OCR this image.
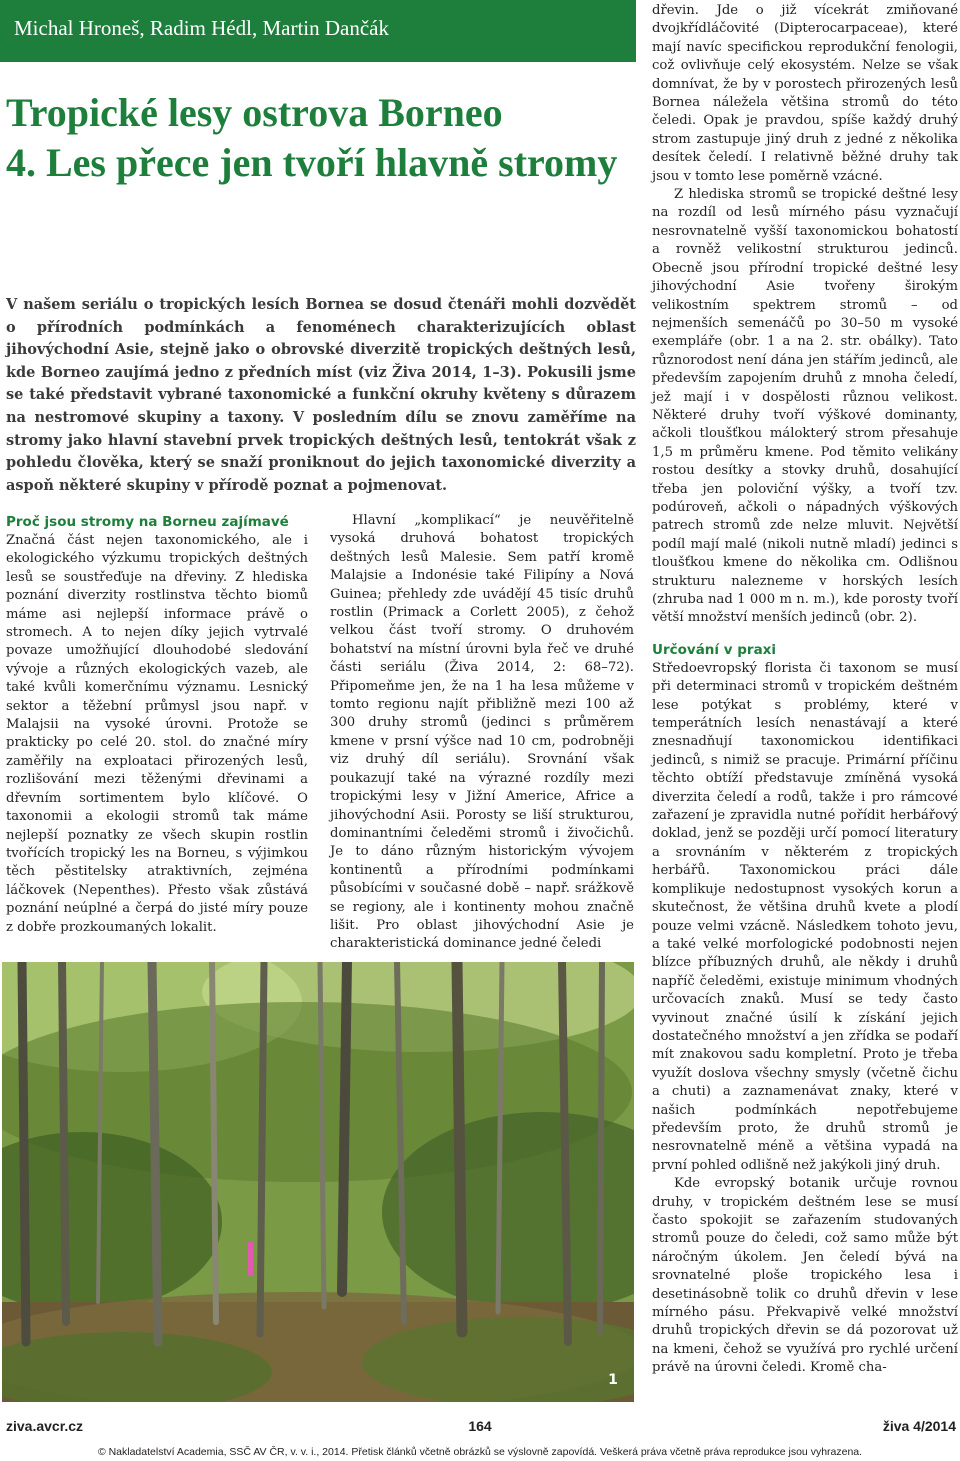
Michal Hroneš, Radim Hédl, Martin Dančák
Tropické lesy ostrova Borneo
4. Les přece jen tvoří hlavně stromy

V našem seriálu o tropických lesích Bornea se dosud čtenáři mohli dozvědět o přírodních podmínkách a fenoménech charakterizujících oblast jihovýchodní Asie, stejně jako o obrovské diverzitě tropických deštných lesů, kde Borneo zaujímá jedno z předních míst (viz Živa 2014, 1–3). Pokusili jsme se také představit vybrané taxonomické a funkční okruhy květeny s důrazem na nestromové skupiny a taxony. V posledním dílu se znovu zaměříme na stromy jako hlavní stavební prvek tropických deštných lesů, tentokrát však z pohledu člověka, který se snaží proniknout do jejich taxonomické diverzity a aspoň některé skupiny v přírodě poznat a pojmenovat.

Proč jsou stromy na Borneu zajímavé

Značná část nejen taxonomického, ale i ekologického výzkumu tropických deštných lesů se soustřeďuje na dřeviny. Z hlediska poznání diverzity rostlinstva těchto biomů máme asi nejlepší informace právě o stromech. A to nejen díky jejich vytrvalé povaze umožňující dlouhodobé sledování vývoje a různých ekologických vazeb, ale také kvůli komerčnímu významu. Lesnický sektor a těžební průmysl jsou např. v Malajsii na vysoké úrovni. Protože se prakticky po celé 20. stol. do značné míry zaměřily na exploataci přirozených lesů, rozlišování mezi těženými dřevinami a dřevním sortimentem bylo klíčové. O taxonomii a ekologii stromů tak máme nejlepší poznatky ze všech skupin rostlin tvořících tropický les na Borneu, s výjimkou těch pěstitelsky atraktivních, zejména láčkovek (Nepenthes). Přesto však zůstává poznání neúplné a čerpá do jisté míry pouze z dobře prozkoumaných lokalit.

Hlavní „komplikací“ je neuvěřitelně vysoká druhová bohatost tropických deštných lesů Malesie. Sem patří kromě Malajsie a Indonésie také Filipíny a Nová Guinea; přehledy zde uvádějí 45 tisíc druhů rostlin (Primack a Corlett 2005), z čehož velkou část tvoří stromy. O druhovém bohatství na místní úrovni byla řeč ve druhé části seriálu (Živa 2014, 2: 68–72). Připomeňme jen, že na 1 ha lesa můžeme v tomto regionu najít přibližně mezi 100 až 300 druhy stromů (jedinci s průměrem kmene v prsní výšce nad 10 cm, podrobněji viz druhý díl seriálu). Srovnání však poukazují také na výrazné rozdíly mezi tropickými lesy v Jižní Americe, Africe a jihovýchodní Asii. Porosty se liší strukturou, dominantními čeleděmi stromů i živočichů. Je to dáno různým historickým vývojem kontinentů a přírodními podmínkami působícími v současné době – např. srážkově se regiony, ale i kontinenty mohou značně lišit. Pro oblast jihovýchodní Asie je charakteristická dominance jedné čeledi

dřevin. Jde o již vícekrát zmiňované dvojkřídláčovité (Dipterocarpaceae), které mají navíc specifickou reprodukční fenologii, což ovlivňuje celý ekosystém. Nelze se však domnívat, že by v porostech přirozených lesů Bornea náležela většina stromů do této čeledi. Opak je pravdou, spíše každý druhý strom zastupuje jiný druh z jedné z několika desítek čeledí. I relativně běžné druhy tak jsou v tomto lese poměrně vzácné.

Z hlediska stromů se tropické deštné lesy na rozdíl od lesů mírného pásu vyznačují nesrovnatelně vyšší taxonomickou bohatostí a rovněž velikostní strukturou jedinců. Obecně jsou přírodní tropické deštné lesy jihovýchodní Asie tvořeny širokým velikostním spektrem stromů – od nejmenších semenáčů po 30–50 m vysoké exempláře (obr. 1 a na 2. str. obálky). Tato různorodost není dána jen stářím jedinců, ale především zapojením druhů z mnoha čeledí, jež mají i v dospělosti různou velikost. Některé druhy tvoří výškové dominanty, ačkoli tloušťkou málokterý strom přesahuje 1,5 m průměru kmene. Pod těmito velikány rostou desítky a stovky druhů, dosahující třeba jen poloviční výšky, a tvoří tzv. podúroveň, ačkoli o nápadných výškových patrech stromů zde nelze mluvit. Největší podíl mají malé (nikoli nutně mladí) jedinci s tloušťkou kmene do několika cm. Odlišnou strukturu nalezneme v horských lesích (zhruba nad 1 000 m n. m.), kde porosty tvoří větší množství menších jedinců (obr. 2).

Určování v praxi

Středoevropský florista či taxonom se musí při determinaci stromů v tropickém deštném lese potýkat s problémy, které v temperátních lesích nenastávají a které znesnadňují taxonomickou identifikaci jedinců, s nimiž se pracuje. Primární příčinu těchto obtíží představuje zmíněná vysoká diverzita čeledí a rodů, takže i pro rámcové zařazení je zpravidla nutné pořídit herbářový doklad, jenž se později určí pomocí literatury a srovnáním v některém z tropických herbářů. Taxonomickou práci dále komplikuje nedostupnost vysokých korun a skutečnost, že většina druhů kvete a plodí pouze velmi vzácně. Následkem tohoto jevu, a také velké morfologické podobnosti nejen blízce příbuzných druhů, ale někdy i druhů napříč čeleděmi, existuje minimum vhodných určovacích znaků. Musí se tedy často vyvinout značné úsilí k získání jejich dostatečného množství a jen zřídka se podaří mít znakovou sadu kompletní. Proto je třeba využít doslova všechny smysly (včetně čichu a chuti) a zaznamenávat znaky, které v našich podmínkách nepotřebujeme především proto, že druhů stromů je nesrovnatelně méně a většina vypadá na první pohled odlišně než jakýkoli jiný druh.

Kde evropský botanik určuje rovnou druhy, v tropickém deštném lese se musí často spokojit se zařazením studovaných stromů pouze do čeledi, což samo může být náročným úkolem. Jen čeledí bývá na srovnatelné ploše tropického lesa i desetinásobně tolik co druhů dřevin v lese mírného pásu. Překvapivě velké množství druhů tropických dřevin se dá pozorovat už na kmeni, čehož se využívá pro rychlé určení právě na úrovni čeledi. Kromě cha-

1
ziva.avcr.cz	164	živa 4/2014
© Nakladatelství Academia, SSČ AV ČR, v. v. i., 2014. Přetisk článků včetně obrázků se výslovně zapovídá. Veškerá práva včetně práva reprodukce jsou vyhrazena.
